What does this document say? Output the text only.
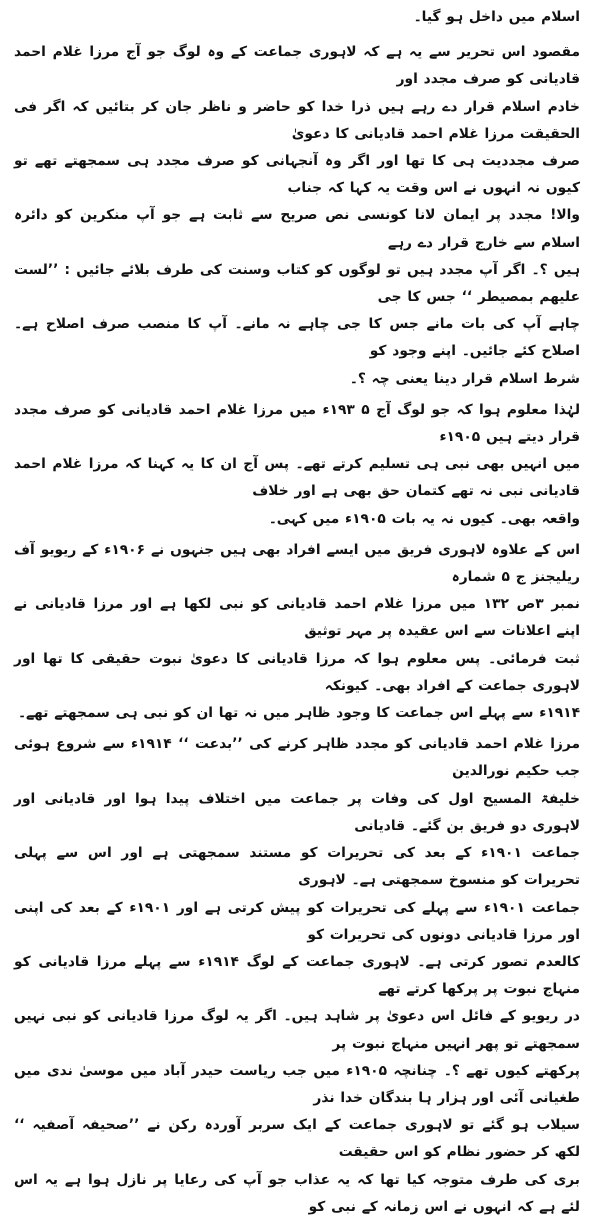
اسلام میں داخل ہو گیا۔

مقصود اس تحریر سے یہ ہے کہ لاہوری جماعت کے وہ لوگ جو آج مرزا غلام احمد قادیانی کو صرف مجدد اور
خادم اسلام قرار دے رہے ہیں ذرا خدا کو حاضر و ناظر جان کر بتائیں کہ اگر فی الحقیقت مرزا غلام احمد قادیانی کا دعویٰ
صرف مجددیت ہی کا تھا اور اگر وہ آنجہانی کو صرف مجدد ہی سمجھتے تھے تو کیوں نہ انہوں نے اس وقت یہ کہا کہ جناب
والا! مجدد پر ایمان لانا کونسی نص صریح سے ثابت ہے جو آپ منکرین کو دائرہ اسلام سے خارج قرار دے رہے
ہیں ؟۔ اگر آپ مجدد ہیں تو لوگوں کو کتاب وسنت کی طرف بلائے جائیں : ’’لست علیھم بمصیطر ‘‘ جس کا جی
چاہے آپ کی بات مانے جس کا جی چاہے نہ مانے۔ آپ کا منصب صرف اصلاح ہے۔ اصلاح کئے جائیں۔ اپنے وجود کو
شرط اسلام قرار دینا یعنی چہ ؟۔

لہٰذا معلوم ہوا کہ جو لوگ آج ۵ ۱۹۳ء میں مرزا غلام احمد قادیانی کو صرف مجدد قرار دیتے ہیں ۱۹۰۵ء
میں انہیں بھی نبی ہی تسلیم کرتے تھے۔ پس آج ان کا یہ کہنا کہ مرزا غلام احمد قادیانی نبی نہ تھے کتمان حق بھی ہے اور خلاف
واقعہ بھی۔ کیوں نہ یہ بات ۱۹۰۵ء میں کہی۔

اس کے علاوہ لاہوری فریق میں ایسے افراد بھی ہیں جنہوں نے ۱۹۰۶ء کے ریویو آف ریلیجنز ج ۵ شمارہ
نمبر ۳ص ۱۳۲ میں مرزا غلام احمد قادیانی کو نبی لکھا ہے اور مرزا قادیانی نے اپنے اعلانات سے اس عقیدہ پر مہر توثیق
ثبت فرمائی۔ پس معلوم ہوا کہ مرزا قادیانی کا دعویٰ نبوت حقیقی کا تھا اور لاہوری جماعت کے افراد بھی۔ کیونکہ
۱۹۱۴ء سے پہلے اس جماعت کا وجود ظاہر میں نہ تھا ان کو نبی ہی سمجھتے تھے۔

مرزا غلام احمد قادیانی کو مجدد ظاہر کرنے کی ’’بدعت ‘‘ ۱۹۱۴ء سے شروع ہوئی جب حکیم نورالدین
خلیفۃ المسیح اول کی وفات پر جماعت میں اختلاف پیدا ہوا اور قادیانی اور لاہوری دو فریق بن گئے۔ قادیانی
جماعت ۱۹۰۱ء کے بعد کی تحریرات کو مستند سمجھتی ہے اور اس سے پہلی تحریرات کو منسوخ سمجھتی ہے۔ لاہوری
جماعت ۱۹۰۱ء سے پہلے کی تحریرات کو پیش کرتی ہے اور ۱۹۰۱ء کے بعد کی اپنی اور مرزا قادیانی دونوں کی تحریرات کو
کالعدم تصور کرتی ہے۔ لاہوری جماعت کے لوگ ۱۹۱۴ء سے پہلے مرزا قادیانی کو منہاج نبوت پر پرکھا کرتے تھے
در ریویو کے فائل اس دعویٰ پر شاہد ہیں۔ اگر یہ لوگ مرزا قادیانی کو نبی نہیں سمجھتے تو پھر انہیں منہاج نبوت پر
پرکھتے کیوں تھے ؟۔ چنانچہ ۱۹۰۵ء میں جب ریاست حیدر آباد میں موسیٰ ندی میں طغیانی آئی اور ہزار ہا بندگان خدا نذر
سیلاب ہو گئے تو لاہوری جماعت کے ایک سربر آوردہ رکن نے ’’صحیفہ آصفیہ ‘‘ لکھ کر حضور نظام کو اس حقیقت
بری کی طرف متوجہ کیا تھا کہ یہ عذاب جو آپ کی رعایا پر نازل ہوا ہے یہ اس لئے ہے کہ انہوں نے اس زمانہ کے نبی کو
